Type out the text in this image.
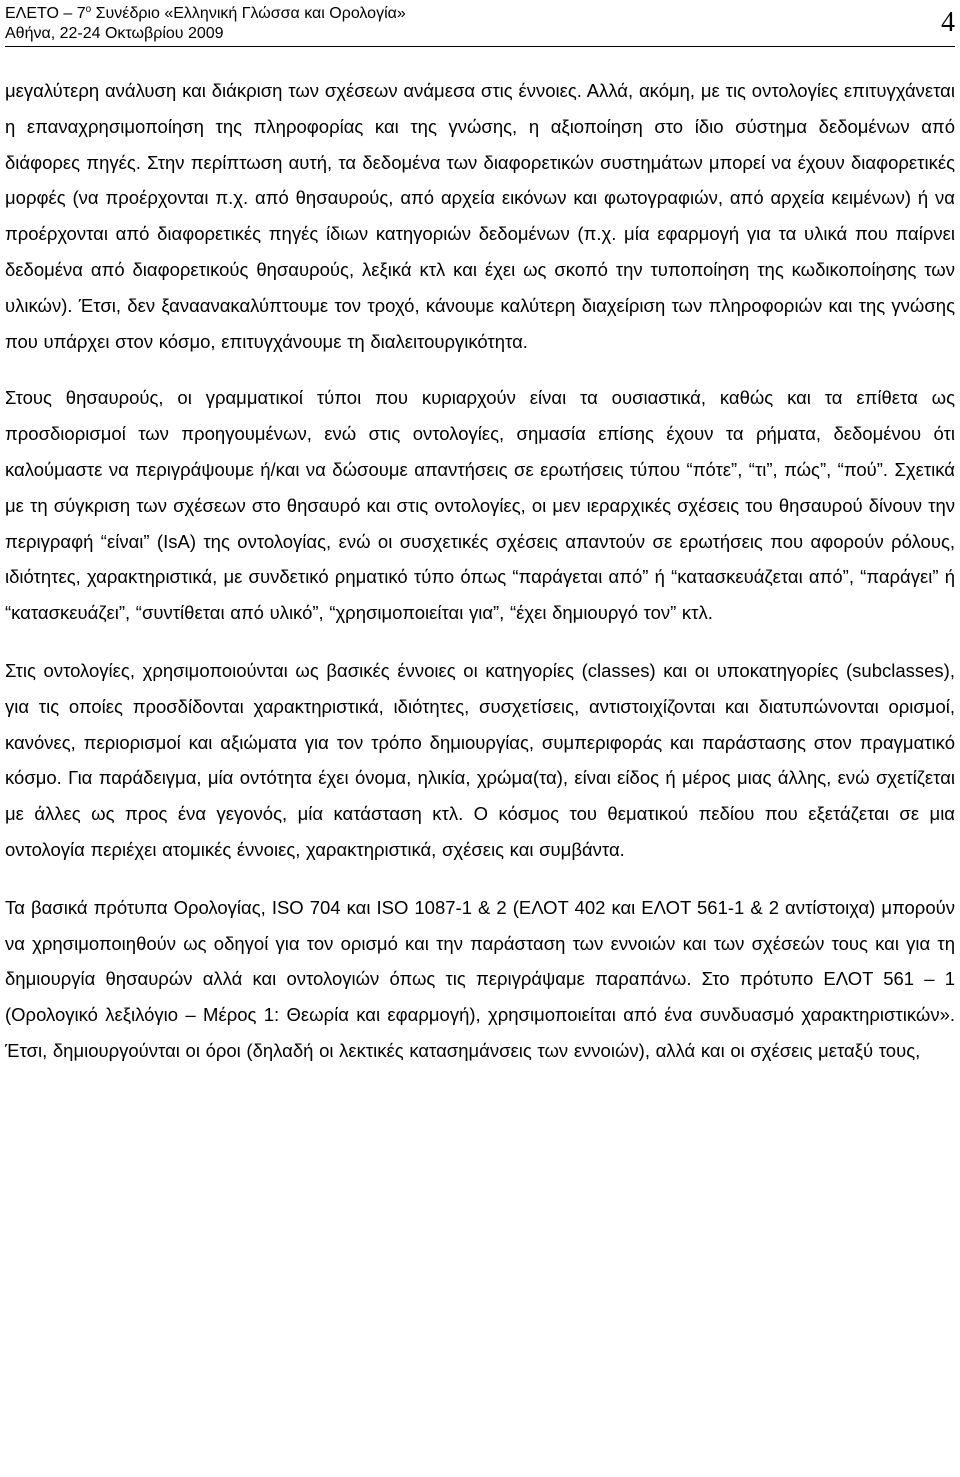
ΕΛΕΤΟ – $7^o$ Συνέδριο «Ελληνική Γλώσσα και Ορολογία»
Αθήνα, 22-24 Οκτωβρίου 2009	4

μεγαλύτερη ανάλυση και διάκριση των σχέσεων ανάμεσα στις έννοιες. Αλλά, ακόμη, με τις οντολογίες επιτυγχάνεται η επαναχρησιμοποίηση της πληροφορίας και της γνώσης, η αξιοποίηση στο ίδιο σύστημα δεδομένων από διάφορες πηγές. Στην περίπτωση αυτή, τα δεδομένα των διαφορετικών συστημάτων μπορεί να έχουν διαφορετικές μορφές (να προέρχονται π.χ. από θησαυρούς, από αρχεία εικόνων και φωτογραφιών, από αρχεία κειμένων) ή να προέρχονται από διαφορετικές πηγές ίδιων κατηγοριών δεδομένων (π.χ. μία εφαρμογή για τα υλικά που παίρνει δεδομένα από διαφορετικούς θησαυρούς, λεξικά κτλ και έχει ως σκοπό την τυποποίηση της κωδικοποίησης των υλικών). Έτσι, δεν ξαναανακαλύπτουμε τον τροχό, κάνουμε καλύτερη διαχείριση των πληροφοριών και της γνώσης που υπάρχει στον κόσμο, επιτυγχάνουμε τη διαλειτουργικότητα.

Στους θησαυρούς, οι γραμματικοί τύποι που κυριαρχούν είναι τα ουσιαστικά, καθώς και τα επίθετα ως προσδιορισμοί των προηγουμένων, ενώ στις οντολογίες, σημασία επίσης έχουν τα ρήματα, δεδομένου ότι καλούμαστε να περιγράψουμε ή/και να δώσουμε απαντήσεις σε ερωτήσεις τύπου “πότε”, “τι”, πώς”, “πού”. Σχετικά με τη σύγκριση των σχέσεων στο θησαυρό και στις οντολογίες, οι μεν ιεραρχικές σχέσεις του θησαυρού δίνουν την περιγραφή “είναι” (IsA) της οντολογίας, ενώ οι συσχετικές σχέσεις απαντούν σε ερωτήσεις που αφορούν ρόλους, ιδιότητες, χαρακτηριστικά, με συνδετικό ρηματικό τύπο όπως “παράγεται από” ή “κατασκευάζεται από”, “παράγει” ή “κατασκευάζει”, “συντίθεται από υλικό”, “χρησιμοποιείται για”, “έχει δημιουργό τον” κτλ.

Στις οντολογίες, χρησιμοποιούνται ως βασικές έννοιες οι κατηγορίες (classes) και οι υποκατηγορίες (subclasses), για τις οποίες προσδίδονται χαρακτηριστικά, ιδιότητες, συσχετίσεις, αντιστοιχίζονται και διατυπώνονται ορισμοί, κανόνες, περιορισμοί και αξιώματα για τον τρόπο δημιουργίας, συμπεριφοράς και παράστασης στον πραγματικό κόσμο. Για παράδειγμα, μία οντότητα έχει όνομα, ηλικία, χρώμα(τα), είναι είδος ή μέρος μιας άλλης, ενώ σχετίζεται με άλλες ως προς ένα γεγονός, μία κατάσταση κτλ. Ο κόσμος του θεματικού πεδίου που εξετάζεται σε μια οντολογία περιέχει ατομικές έννοιες, χαρακτηριστικά, σχέσεις και συμβάντα.

Τα βασικά πρότυπα Ορολογίας, ISO 704 και ISO 1087-1 & 2 (ΕΛΟΤ 402 και ΕΛΟΤ 561-1 & 2 αντίστοιχα) μπορούν να χρησιμοποιηθούν ως οδηγοί για τον ορισμό και την παράσταση των εννοιών και των σχέσεών τους και για τη δημιουργία θησαυρών αλλά και οντολογιών όπως τις περιγράψαμε παραπάνω. Στο πρότυπο ΕΛΟΤ 561 – 1 (Ορολογικό λεξιλόγιο – Μέρος 1: Θεωρία και εφαρμογή), χρησιμοποιείται από ένα συνδυασμό χαρακτηριστικών». Έτσι, δημιουργούνται οι όροι (δηλαδή οι λεκτικές κατασημάνσεις των εννοιών), αλλά και οι σχέσεις μεταξύ τους,
